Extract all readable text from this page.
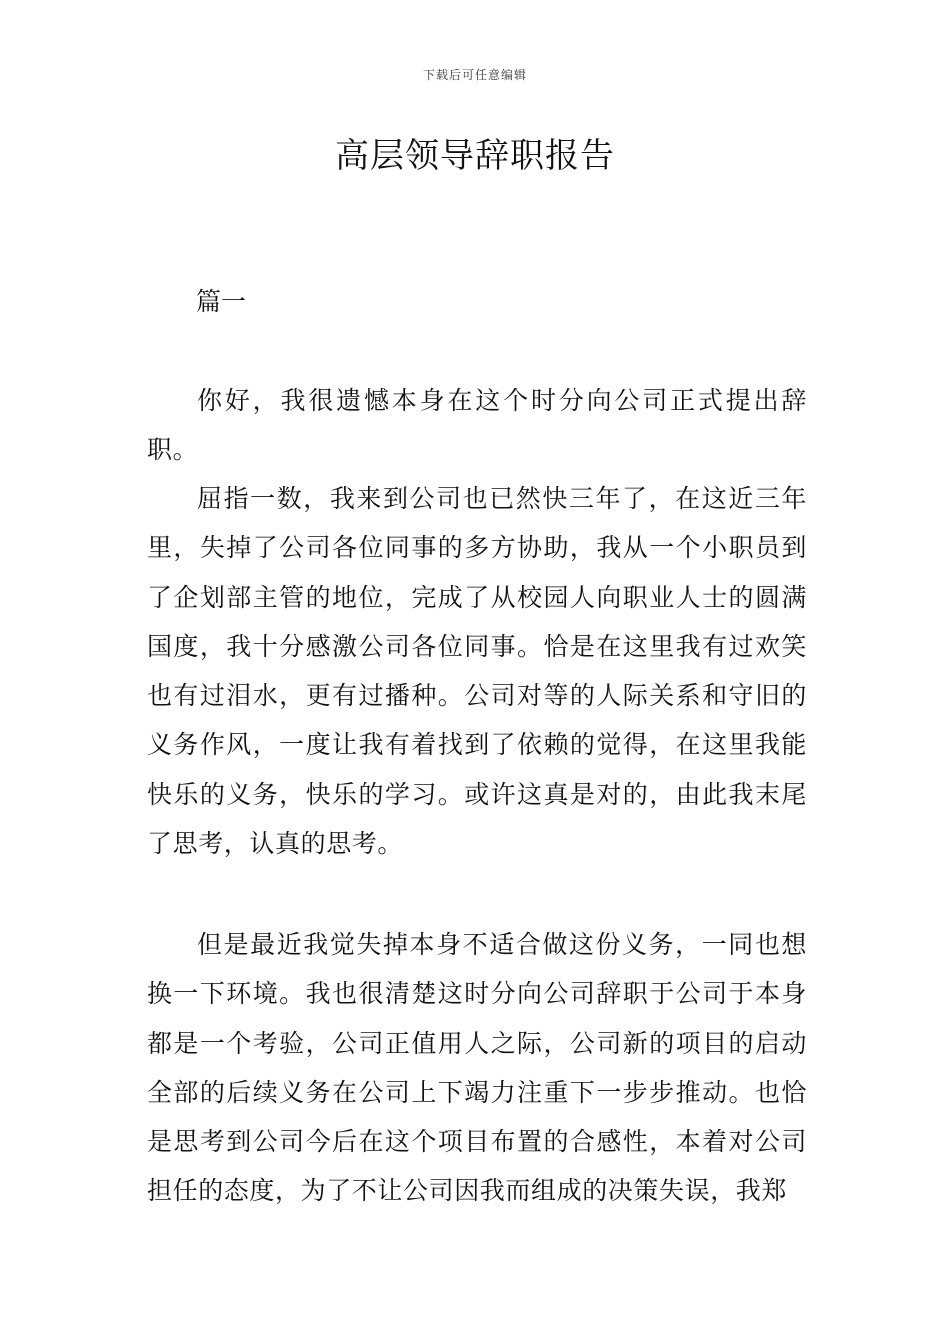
下载后可任意编辑
高层领导辞职报告

篇一

你好，我很遗憾本身在这个时分向公司正式提出辞职。

屈指一数，我来到公司也已然快三年了，在这近三年里，失掉了公司各位同事的多方协助，我从一个小职员到了企划部主管的地位，完成了从校园人向职业人士的圆满国度，我十分感激公司各位同事。恰是在这里我有过欢笑也有过泪水，更有过播种。公司对等的人际关系和守旧的义务作风，一度让我有着找到了依赖的觉得，在这里我能快乐的义务，快乐的学习。或许这真是对的，由此我末尾了思考，认真的思考。

但是最近我觉失掉本身不适合做这份义务，一同也想换一下环境。我也很清楚这时分向公司辞职于公司于本身都是一个考验，公司正值用人之际，公司新的项目的启动全部的后续义务在公司上下竭力注重下一步步推动。也恰是思考到公司今后在这个项目布置的合感性，本着对公司担任的态度，为了不让公司因我而组成的决策失误，我郑
